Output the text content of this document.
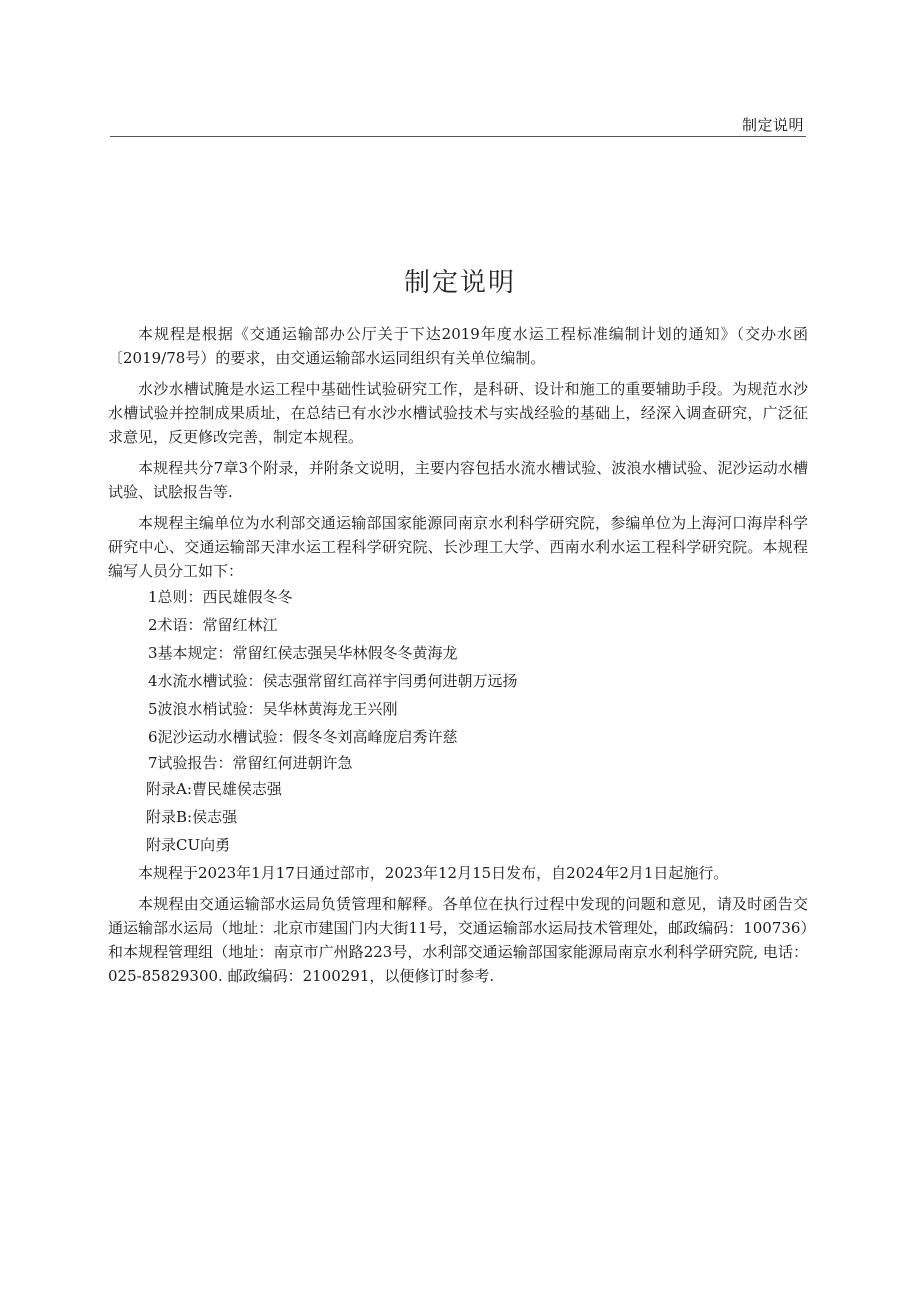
制定说明
制定说明

本规程是根据《交通运输部办公厅关于下达2019年度水运工程标准编制计划的通知》（交办水函〔2019/78号）的要求，由交通运输部水运同组织有关单位编制。

水沙水槽试腌是水运工程中基础性试验研究工作，是科研、设计和施工的重要辅助手段。为规范水沙水槽试验并控制成果质址，在总结已有水沙水槽试验技术与实战经验的基础上，经深入调查研究，广泛征求意见，反更修改完善，制定本规程。

本规程共分7章3个附录，并附条文说明，主要内容包括水流水槽试验、波浪水槽试验、泥沙运动水槽试验、试脍报告等.

本规程主编单位为水利部交通运输部国家能源同南京水利科学研究院，参编单位为上海河口海岸科学研究中心、交通运输部天津水运工程科学研究院、长沙理工大学、西南水利水运工程科学研究院。本规程编写人员分工如下：

1总则：西民雄假冬冬
2术语：常留红林江
3基本规定：常留红侯志强吴华林假冬冬黄海龙
4水流水槽试验：侯志强常留红高祥宇闫勇何进朝万远扬
5波浪水梢试验：吴华林黄海龙王兴刚
6泥沙运动水槽试验：假冬冬刘高峰庞启秀许慈
7试验报告：常留红何进朝许急
附录A:曹民雄侯志强
附录B:侯志强
附录CU向勇

本规程于2023年1月17日通过部市，2023年12月15日发布，自2024年2月1日起施行。

本规程由交通运输部水运局负赁管理和解释。各单位在执行过程中发现的问题和意见，请及时函告交通运输部水运局（地址：北京市建国门内大街11号，交通运输部水运局技术管理处，邮政编码：100736）和本规程管理组（地址：南京市广州路223号，水利部交通运输部国家能源局南京水利科学研究院, 电话：025-85829300. 邮政编码：2100291，以便修订时参考.
